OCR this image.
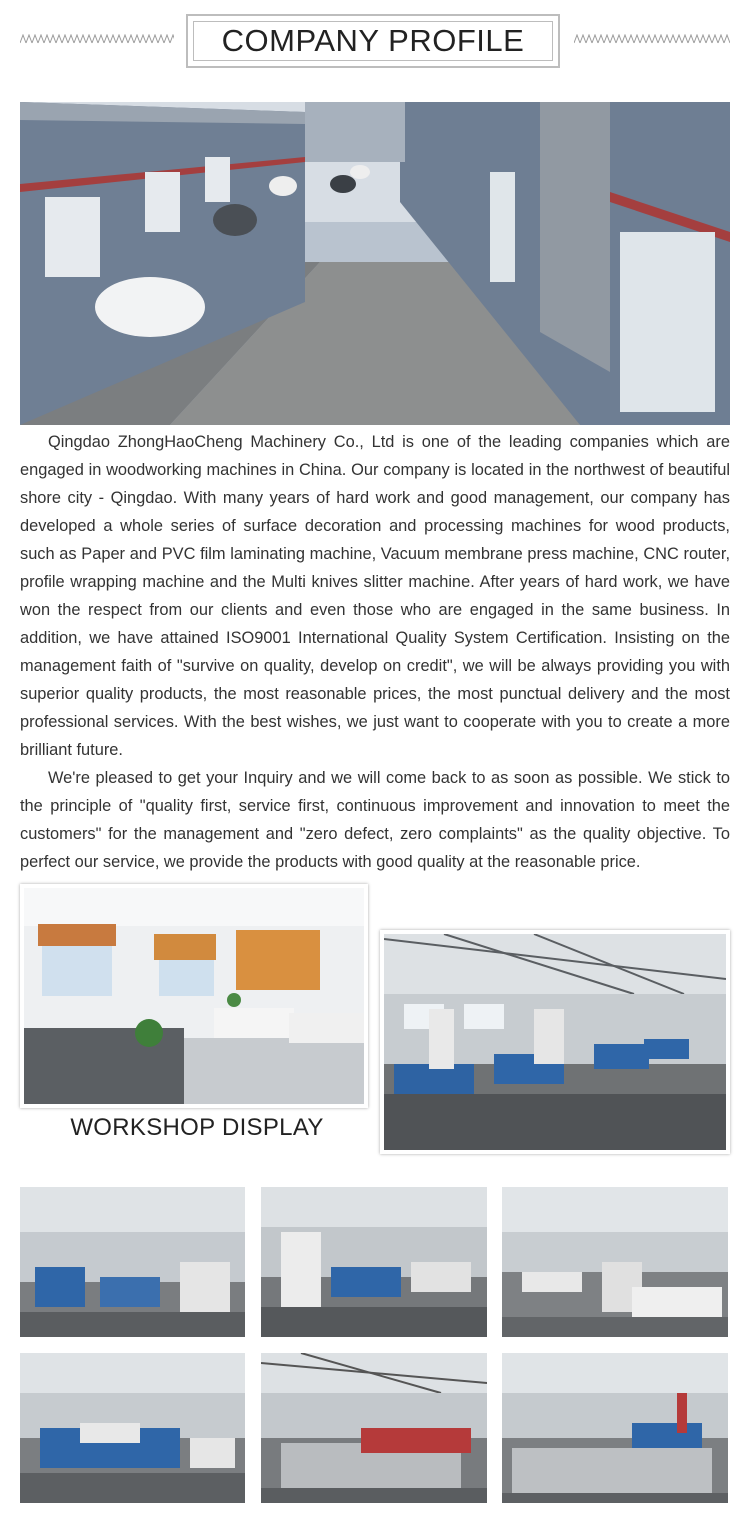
COMPANY PROFILE

Qingdao ZhongHaoCheng Machinery Co., Ltd is one of the leading companies which are engaged in woodworking machines in China. Our company is located in the northwest of beautiful shore city - Qingdao. With many years of hard work and good management, our company has developed a whole series of surface decoration and processing machines for wood products, such as Paper and PVC film laminating machine, Vacuum membrane press machine, CNC router, profile wrapping machine and the Multi knives slitter machine. After years of hard work, we have won the respect from our clients and even those who are engaged in the same business. In addition, we have attained ISO9001 International Quality System Certification. Insisting on the management faith of "survive on quality, develop on credit", we will be always providing you with superior quality products, the most reasonable prices, the most punctual delivery and the most professional services. With the best wishes, we just want to cooperate with you to create a more brilliant future.

We're pleased to get your Inquiry and we will come back to as soon as possible. We stick to the principle of "quality first, service first, continuous improvement and innovation to meet the customers" for the management and "zero defect, zero complaints" as the quality objective. To perfect our service, we provide the products with good quality at the reasonable price.

WORKSHOP DISPLAY
